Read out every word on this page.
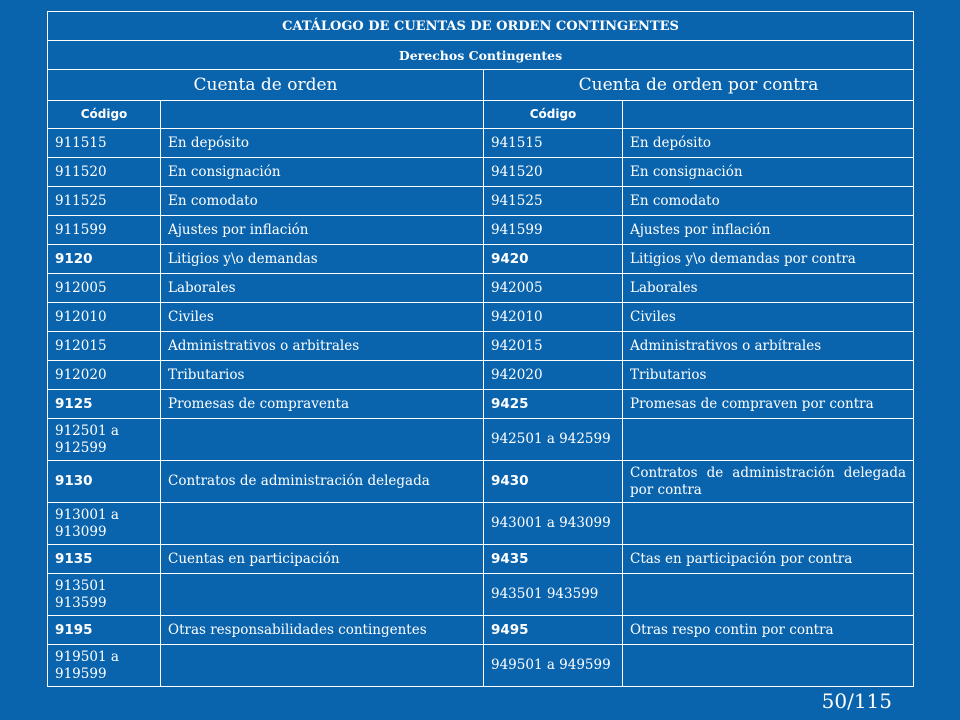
CATÁLOGO DE CUENTAS DE ORDEN CONTINGENTES			
Derechos Contingentes			
Cuenta de orden		Cuenta de orden por contra	
Código		Código	
911515	En depósito	941515	En depósito
911520	En consignación	941520	En consignación
911525	En comodato	941525	En comodato
911599	Ajustes por inflación	941599	Ajustes por inflación
9120	Litigios y\o demandas	9420	Litigios y\o demandas por contra
912005	Laborales	942005	Laborales
912010	Civiles	942010	Civiles
912015	Administrativos o arbitrales	942015	Administrativos o arbítrales
912020	Tributarios	942020	Tributarios
9125	Promesas de compraventa	9425	Promesas de compraven por contra
912501 a 912599		942501 a 942599	
9130	Contratos de administración delegada	9430	Contratos de administración delegada por contra
913001 a 913099		943001 a 943099	
9135	Cuentas en participación	9435	Ctas en participación por contra
913501 913599		943501 943599	
9195	Otras responsabilidades contingentes	9495	Otras respo contin por contra
919501 a 919599		949501 a 949599	
50/115
